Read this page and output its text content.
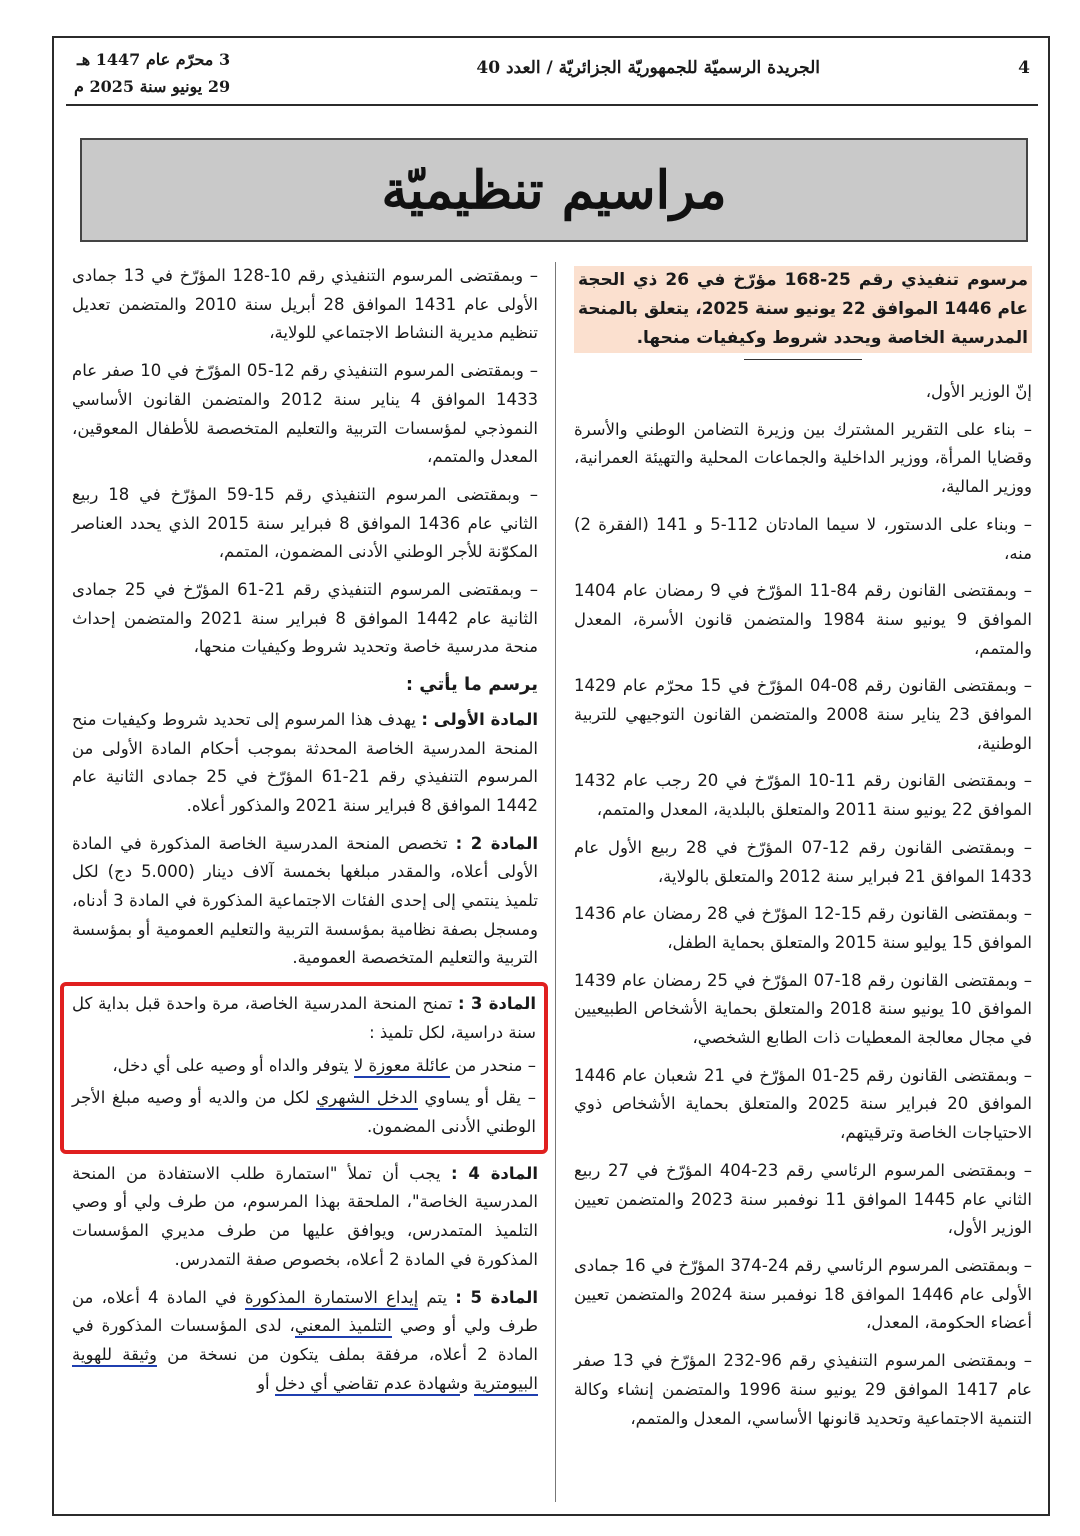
4
الجريدة الرسميّة للجمهوريّة الجزائريّة / العدد 40
3 محرّم عام 1447 هـ
29 يونيو سنة 2025 م
مراسيم تنظيميّة
مرسوم تنفيذي رقم 25-168 مؤرّخ في 26 ذي الحجة عام 1446 الموافق 22 يونيو سنة 2025، يتعلق بالمنحة المدرسية الخاصة ويحدد شروط وكيفيات منحها.

إنّ الوزير الأول،

– بناء على التقرير المشترك بين وزيرة التضامن الوطني والأسرة وقضايا المرأة، ووزير الداخلية والجماعات المحلية والتهيئة العمرانية، ووزير المالية،

– وبناء على الدستور، لا سيما المادتان 112-5 و 141 (الفقرة 2) منه،

– وبمقتضى القانون رقم 84-11 المؤرّخ في 9 رمضان عام 1404 الموافق 9 يونيو سنة 1984 والمتضمن قانون الأسرة، المعدل والمتمم،

– وبمقتضى القانون رقم 08-04 المؤرّخ في 15 محرّم عام 1429 الموافق 23 يناير سنة 2008 والمتضمن القانون التوجيهي للتربية الوطنية،

– وبمقتضى القانون رقم 11-10 المؤرّخ في 20 رجب عام 1432 الموافق 22 يونيو سنة 2011 والمتعلق بالبلدية، المعدل والمتمم،

– وبمقتضى القانون رقم 12-07 المؤرّخ في 28 ربيع الأول عام 1433 الموافق 21 فبراير سنة 2012 والمتعلق بالولاية،

– وبمقتضى القانون رقم 15-12 المؤرّخ في 28 رمضان عام 1436 الموافق 15 يوليو سنة 2015 والمتعلق بحماية الطفل،

– وبمقتضى القانون رقم 18-07 المؤرّخ في 25 رمضان عام 1439 الموافق 10 يونيو سنة 2018 والمتعلق بحماية الأشخاص الطبيعيين في مجال معالجة المعطيات ذات الطابع الشخصي،

– وبمقتضى القانون رقم 25-01 المؤرّخ في 21 شعبان عام 1446 الموافق 20 فبراير سنة 2025 والمتعلق بحماية الأشخاص ذوي الاحتياجات الخاصة وترقيتهم،

– وبمقتضى المرسوم الرئاسي رقم 23-404 المؤرّخ في 27 ربيع الثاني عام 1445 الموافق 11 نوفمبر سنة 2023 والمتضمن تعيين الوزير الأول،

– وبمقتضى المرسوم الرئاسي رقم 24-374 المؤرّخ في 16 جمادى الأولى عام 1446 الموافق 18 نوفمبر سنة 2024 والمتضمن تعيين أعضاء الحكومة، المعدل،

– وبمقتضى المرسوم التنفيذي رقم 96-232 المؤرّخ في 13 صفر عام 1417 الموافق 29 يونيو سنة 1996 والمتضمن إنشاء وكالة التنمية الاجتماعية وتحديد قانونها الأساسي، المعدل والمتمم،

– وبمقتضى المرسوم التنفيذي رقم 10-128 المؤرّخ في 13 جمادى الأولى عام 1431 الموافق 28 أبريل سنة 2010 والمتضمن تعديل تنظيم مديرية النشاط الاجتماعي للولاية،

– وبمقتضى المرسوم التنفيذي رقم 12-05 المؤرّخ في 10 صفر عام 1433 الموافق 4 يناير سنة 2012 والمتضمن القانون الأساسي النموذجي لمؤسسات التربية والتعليم المتخصصة للأطفال المعوقين، المعدل والمتمم،

– وبمقتضى المرسوم التنفيذي رقم 15-59 المؤرّخ في 18 ربيع الثاني عام 1436 الموافق 8 فبراير سنة 2015 الذي يحدد العناصر المكوّنة للأجر الوطني الأدنى المضمون، المتمم،

– وبمقتضى المرسوم التنفيذي رقم 21-61 المؤرّخ في 25 جمادى الثانية عام 1442 الموافق 8 فبراير سنة 2021 والمتضمن إحداث منحة مدرسية خاصة وتحديد شروط وكيفيات منحها،

يرسم ما يأتي :

المادة الأولى : يهدف هذا المرسوم إلى تحديد شروط وكيفيات منح المنحة المدرسية الخاصة المحدثة بموجب أحكام المادة الأولى من المرسوم التنفيذي رقم 21-61 المؤرّخ في 25 جمادى الثانية عام 1442 الموافق 8 فبراير سنة 2021 والمذكور أعلاه.

المادة 2 : تخصص المنحة المدرسية الخاصة المذكورة في المادة الأولى أعلاه، والمقدر مبلغها بخمسة آلاف دينار (5.000 دج) لكل تلميذ ينتمي إلى إحدى الفئات الاجتماعية المذكورة في المادة 3 أدناه، ومسجل بصفة نظامية بمؤسسة التربية والتعليم العمومية أو بمؤسسة التربية والتعليم المتخصصة العمومية.

المادة 3 : تمنح المنحة المدرسية الخاصة، مرة واحدة قبل بداية كل سنة دراسية، لكل تلميذ :

– منحدر من عائلة معوزة لا يتوفر والداه أو وصيه على أي دخل،

– يقل أو يساوي الدخل الشهري لكل من والديه أو وصيه مبلغ الأجر الوطني الأدنى المضمون.

المادة 4 : يجب أن تملأ "استمارة طلب الاستفادة من المنحة المدرسية الخاصة"، الملحقة بهذا المرسوم، من طرف ولي أو وصي التلميذ المتمدرس، ويوافق عليها من طرف مديري المؤسسات المذكورة في المادة 2 أعلاه، بخصوص صفة التمدرس.

المادة 5 : يتم إيداع الاستمارة المذكورة في المادة 4 أعلاه، من طرف ولي أو وصي التلميذ المعني، لدى المؤسسات المذكورة في المادة 2 أعلاه، مرفقة بملف يتكون من نسخة من وثيقة للهوية البيومترية وشهادة عدم تقاضي أي دخل أو
